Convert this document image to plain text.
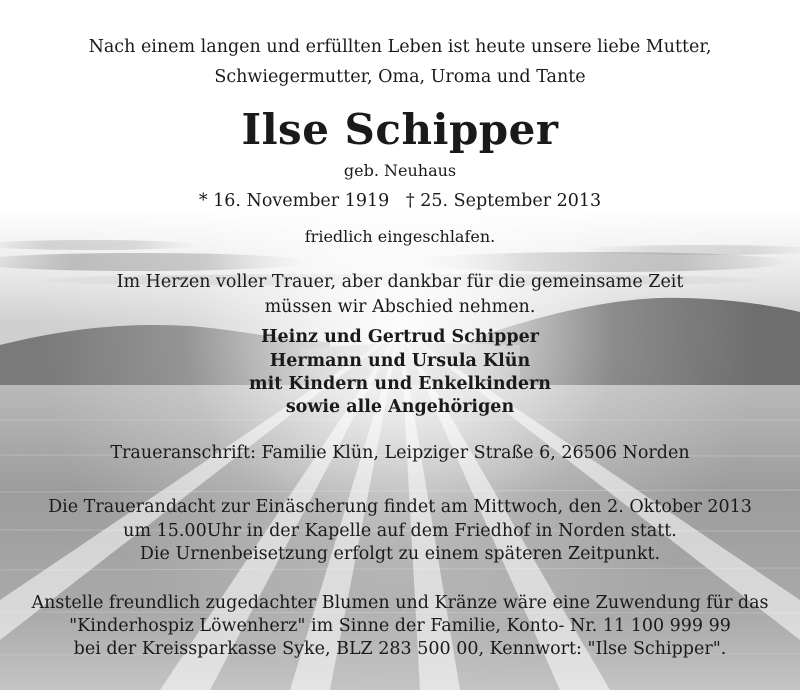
Nach einem langen und erfüllten Leben ist heute unsere liebe Mutter,
Schwiegermutter, Oma, Uroma und Tante
Ilse Schipper
geb. Neuhaus
* 16. November 1919   † 25. September 2013
friedlich eingeschlafen.
Im Herzen voller Trauer, aber dankbar für die gemeinsame Zeit
müssen wir Abschied nehmen.
Heinz und Gertrud Schipper
Hermann und Ursula Klün
mit Kindern und Enkelkindern
sowie alle Angehörigen
Traueranschrift: Familie Klün, Leipziger Straße 6, 26506 Norden
Die Trauerandacht zur Einäscherung findet am Mittwoch, den 2. Oktober 2013
um 15.00Uhr in der Kapelle auf dem Friedhof in Norden statt.
Die Urnenbeisetzung erfolgt zu einem späteren Zeitpunkt.
Anstelle freundlich zugedachter Blumen und Kränze wäre eine Zuwendung für das
"Kinderhospiz Löwenherz" im Sinne der Familie, Konto- Nr. 11 100 999 99
bei der Kreissparkasse Syke, BLZ 283 500 00, Kennwort: "Ilse Schipper".
